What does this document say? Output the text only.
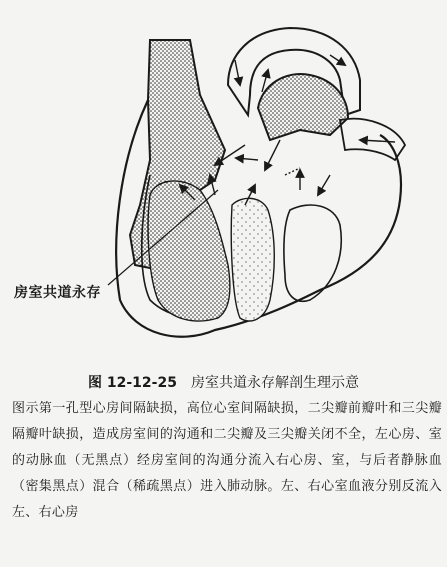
房室共道永存
图 12-12-25 房室共道永存解剖生理示意
图示第一孔型心房间隔缺损，高位心室间隔缺损，二尖瓣前瓣叶和三尖瓣隔瓣叶缺损，造成房室间的沟通和二尖瓣及三尖瓣关闭不全，左心房、室的动脉血（无黑点）经房室间的沟通分流入右心房、室，与后者静脉血（密集黑点）混合（稀疏黑点）进入肺动脉。左、右心室血液分别反流入左、右心房
